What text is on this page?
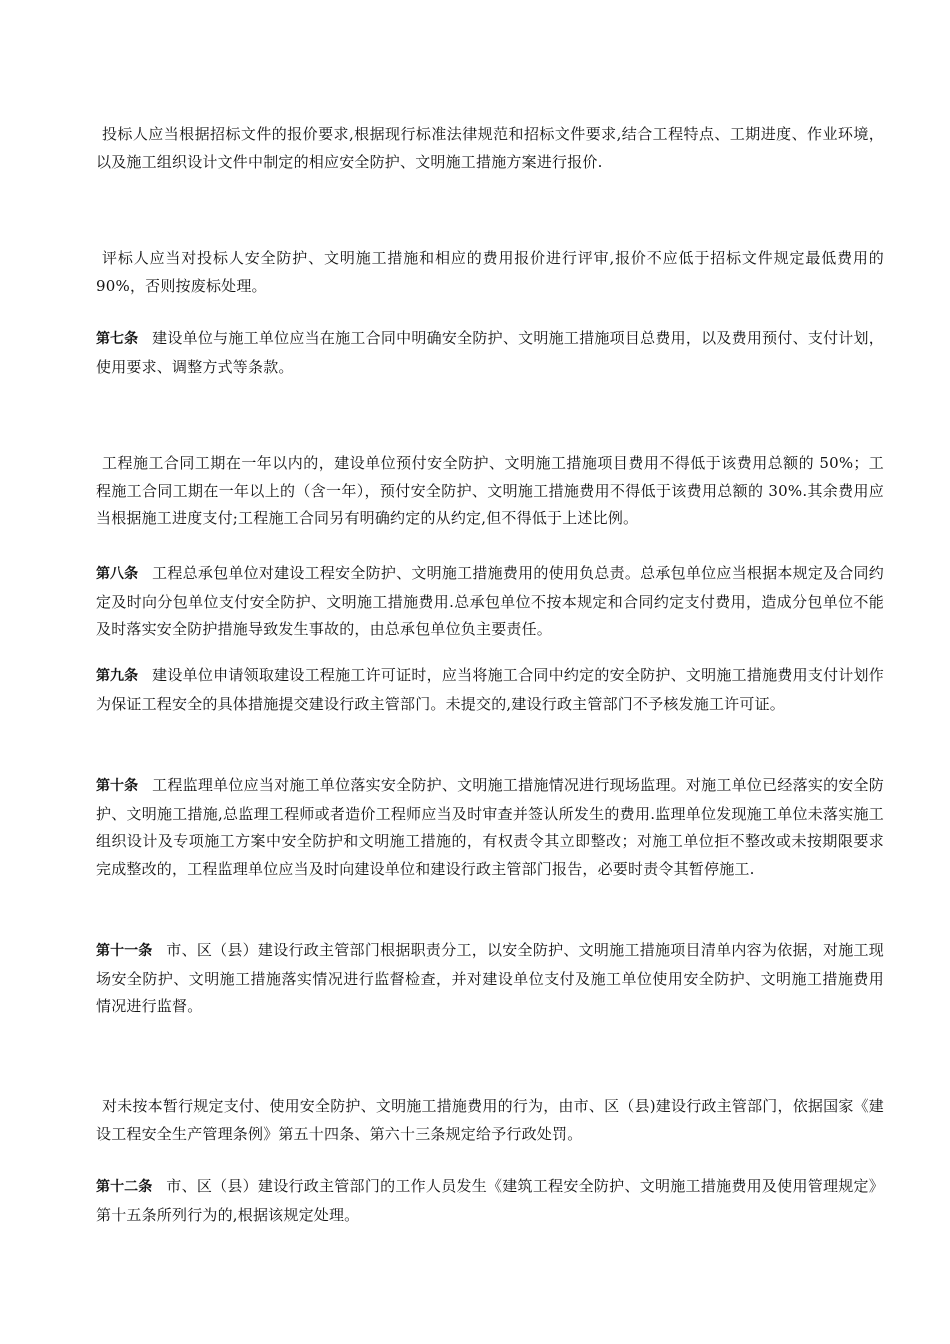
投标人应当根据招标文件的报价要求,根据现行标准法律规范和招标文件要求,结合工程特点、工期进度、作业环境，以及施工组织设计文件中制定的相应安全防护、文明施工措施方案进行报价.

评标人应当对投标人安全防护、文明施工措施和相应的费用报价进行评审,报价不应低于招标文件规定最低费用的 90%，否则按废标处理。

第七条 建设单位与施工单位应当在施工合同中明确安全防护、文明施工措施项目总费用，以及费用预付、支付计划，使用要求、调整方式等条款。

工程施工合同工期在一年以内的，建设单位预付安全防护、文明施工措施项目费用不得低于该费用总额的 50%；工程施工合同工期在一年以上的（含一年），预付安全防护、文明施工措施费用不得低于该费用总额的 30%.其余费用应当根据施工进度支付;工程施工合同另有明确约定的从约定,但不得低于上述比例。

第八条 工程总承包单位对建设工程安全防护、文明施工措施费用的使用负总责。总承包单位应当根据本规定及合同约定及时向分包单位支付安全防护、文明施工措施费用.总承包单位不按本规定和合同约定支付费用，造成分包单位不能及时落实安全防护措施导致发生事故的，由总承包单位负主要责任。

第九条 建设单位申请领取建设工程施工许可证时，应当将施工合同中约定的安全防护、文明施工措施费用支付计划作为保证工程安全的具体措施提交建设行政主管部门。未提交的,建设行政主管部门不予核发施工许可证。

第十条 工程监理单位应当对施工单位落实安全防护、文明施工措施情况进行现场监理。对施工单位已经落实的安全防护、文明施工措施,总监理工程师或者造价工程师应当及时审查并签认所发生的费用.监理单位发现施工单位未落实施工组织设计及专项施工方案中安全防护和文明施工措施的，有权责令其立即整改；对施工单位拒不整改或未按期限要求完成整改的，工程监理单位应当及时向建设单位和建设行政主管部门报告，必要时责令其暂停施工.

第十一条 市、区（县）建设行政主管部门根据职责分工，以安全防护、文明施工措施项目清单内容为依据，对施工现场安全防护、文明施工措施落实情况进行监督检查，并对建设单位支付及施工单位使用安全防护、文明施工措施费用情况进行监督。

对未按本暂行规定支付、使用安全防护、文明施工措施费用的行为，由市、区（县)建设行政主管部门，依据国家《建设工程安全生产管理条例》第五十四条、第六十三条规定给予行政处罚。

第十二条 市、区（县）建设行政主管部门的工作人员发生《建筑工程安全防护、文明施工措施费用及使用管理规定》第十五条所列行为的,根据该规定处理。
